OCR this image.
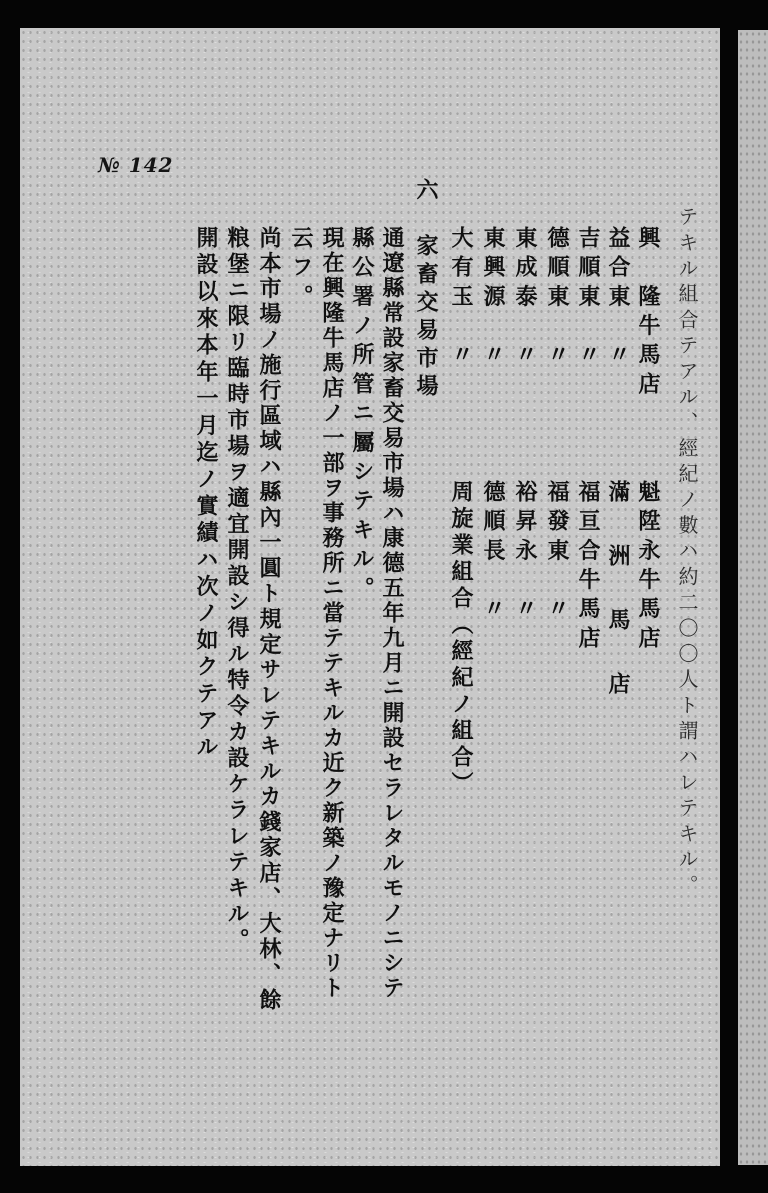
№ 142
テキル組合テアル、經紀ノ數ハ約二〇〇人ト謂ハレテキル。
興　隆牛馬店
魁陞永牛馬店
益合東　〃
滿　洲　馬　店
吉順東　〃
福亘合牛馬店
德順東　〃
福發東　〃
東成泰　〃
裕昇永　〃
東興源　〃
德順長　〃
大有玉　〃
周旋業組合（經紀ノ組合）
六　家畜交易市場
通遼縣常設家畜交易市場ハ康德五年九月ニ開設セラレタルモノニシテ
縣公署ノ所管ニ屬シテキル。
現在興隆牛馬店ノ一部ヲ事務所ニ當テテキルカ近ク新築ノ豫定ナリト
云フ。
尚本市場ノ施行區域ハ縣內一圓ト規定サレテキルカ錢家店、大林、餘
粮堡ニ限リ臨時市場ヲ適宜開設シ得ル特令カ設ケラレテキル。
開設以來本年一月迄ノ實績ハ次ノ如クテアル
